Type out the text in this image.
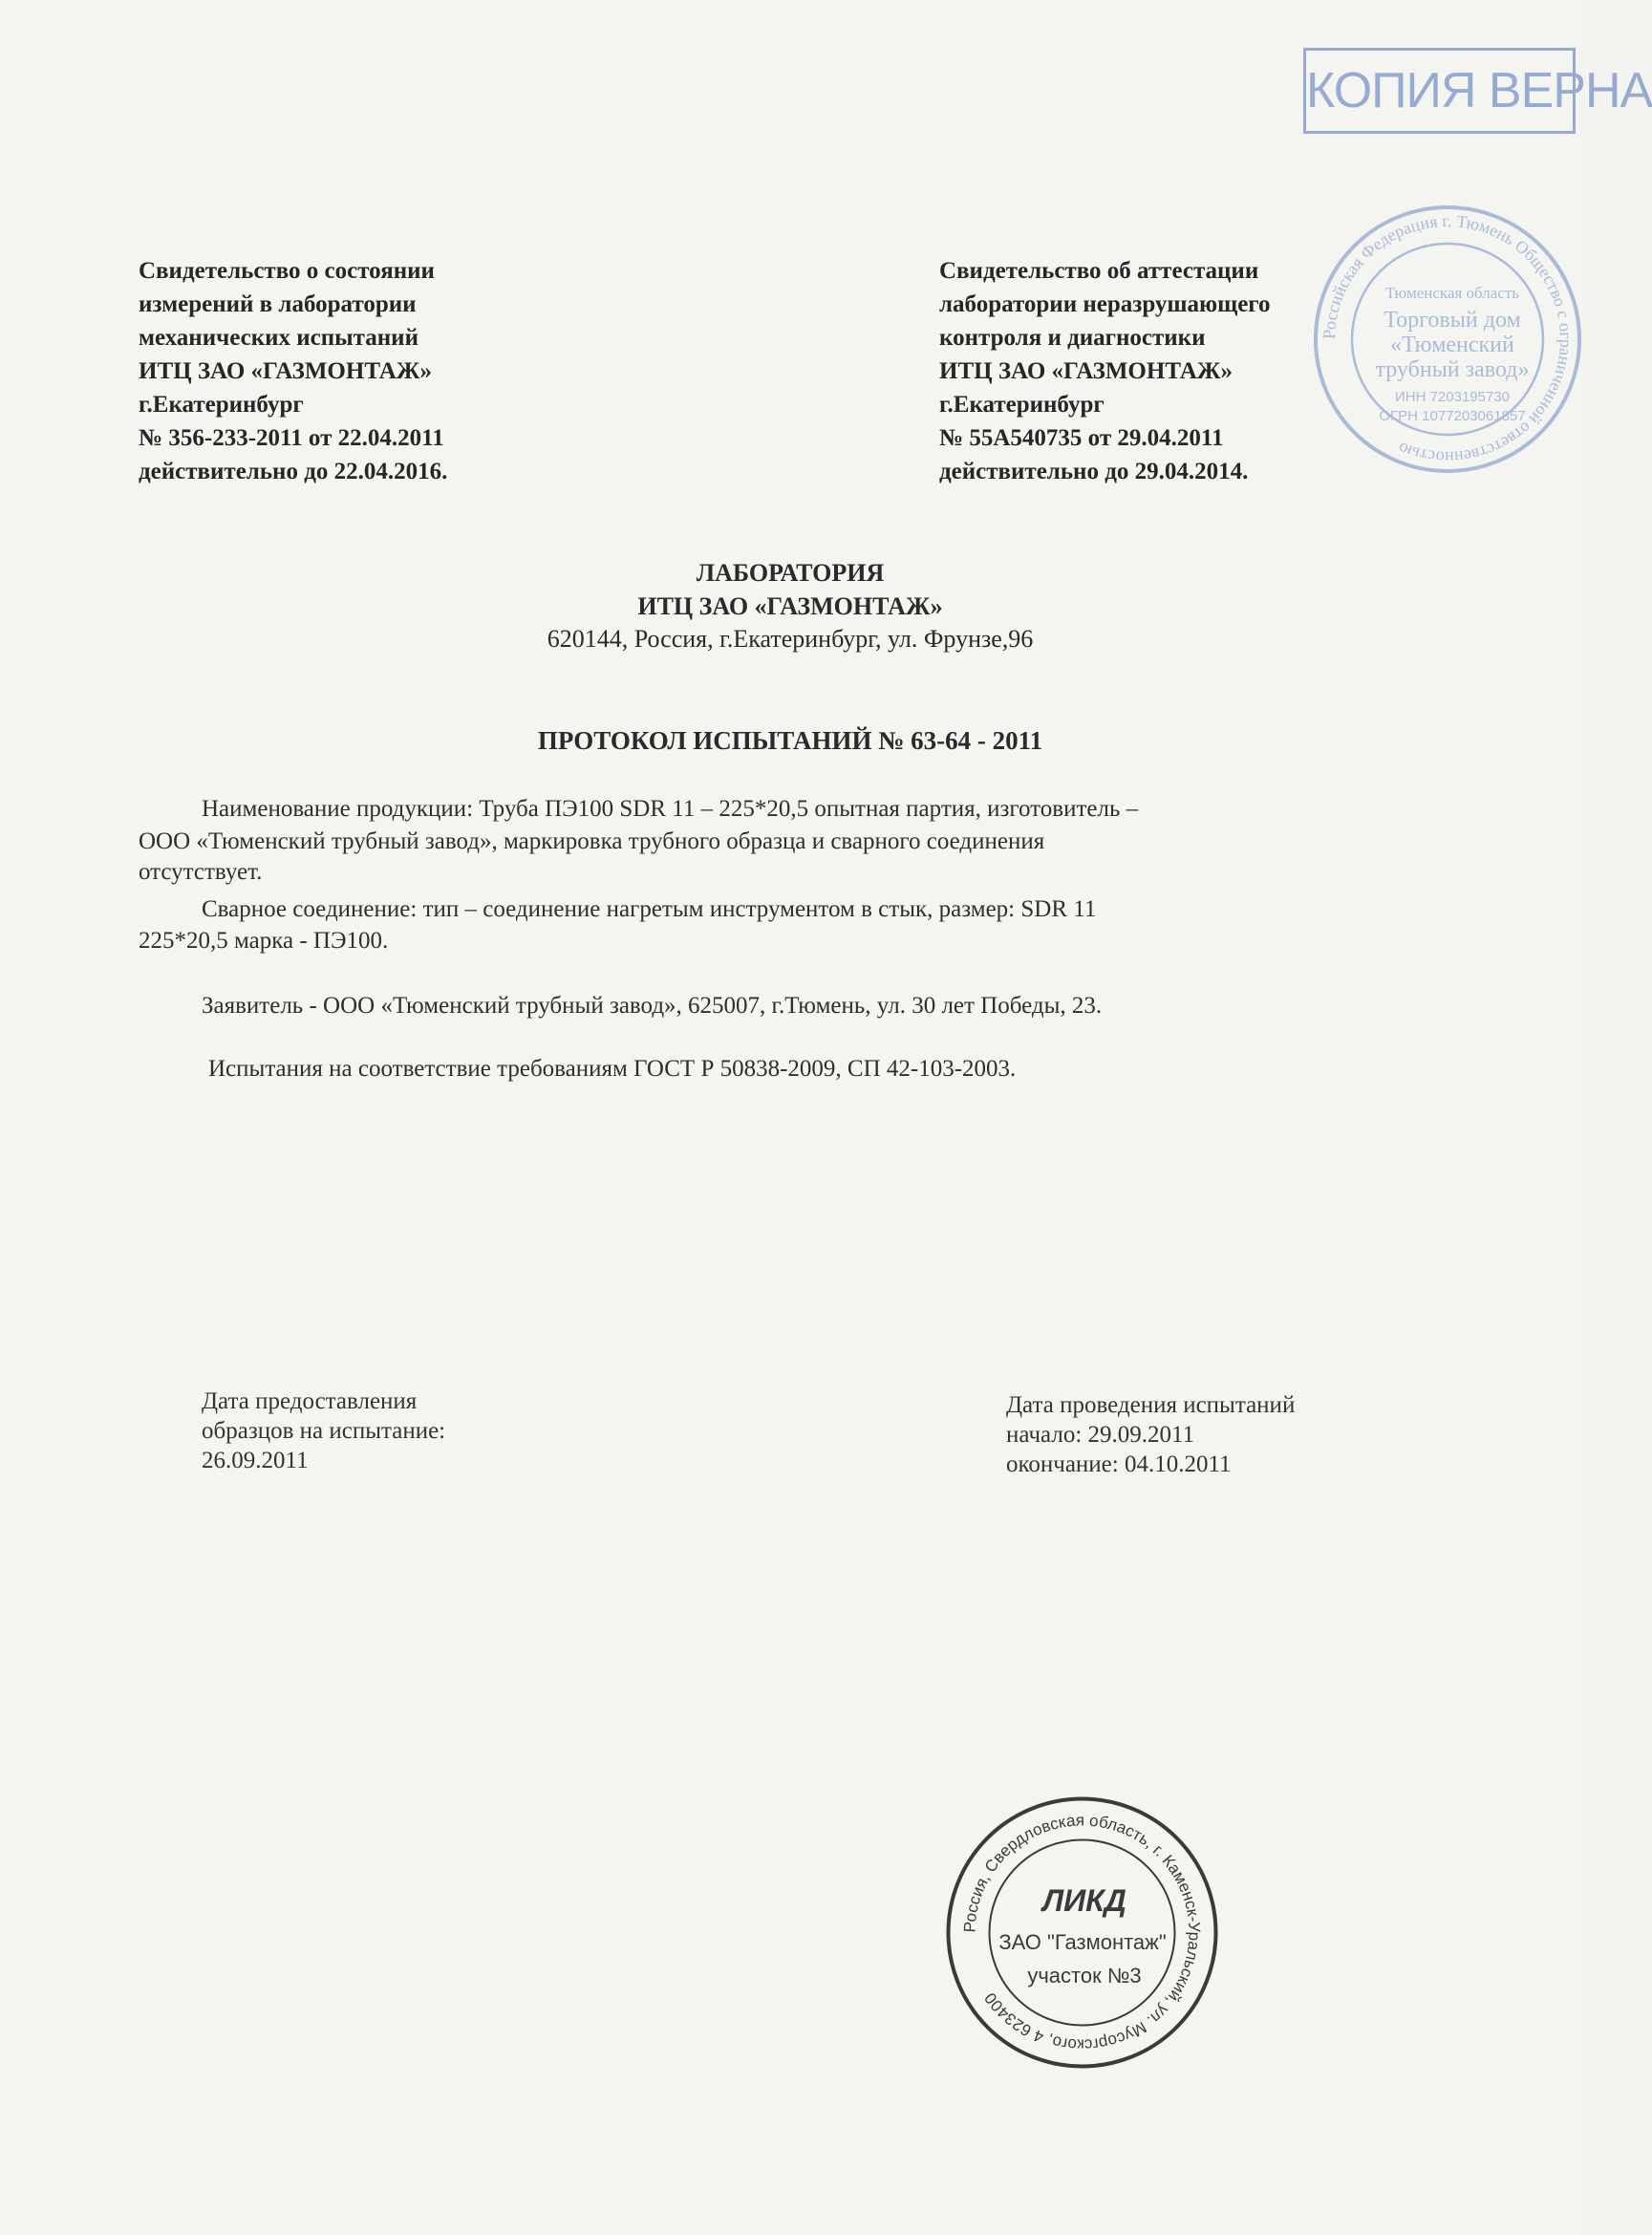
КОПИЯ ВЕРНА
Российская Федерация г. Тюмень Общество с ограниченной ответственностью
Тюменская область
Торговый дом
«Тюменский
трубный завод»
ИНН 7203195730
ОГРН 1077203061857
Свидетельство о состоянии
измерений в лаборатории
механических испытаний
ИТЦ ЗАО «ГАЗМОНТАЖ»
г.Екатеринбург
№ 356-233-2011 от 22.04.2011
действительно до 22.04.2016.
Свидетельство об аттестации
лаборатории неразрушающего
контроля и диагностики
ИТЦ ЗАО «ГАЗМОНТАЖ»
г.Екатеринбург
№ 55А540735 от 29.04.2011
действительно до 29.04.2014.
ЛАБОРАТОРИЯ
ИТЦ ЗАО «ГАЗМОНТАЖ»
620144, Россия, г.Екатеринбург, ул. Фрунзе,96
ПРОТОКОЛ ИСПЫТАНИЙ № 63-64 - 2011
Наименование продукции: Труба ПЭ100 SDR 11 – 225*20,5 опытная партия, изготовитель –
ООО «Тюменский трубный завод», маркировка трубного образца и сварного соединения
отсутствует.
Сварное соединение: тип – соединение нагретым инструментом в стык, размер: SDR 11
225*20,5 марка - ПЭ100.
Заявитель - ООО «Тюменский трубный завод», 625007, г.Тюмень, ул. 30 лет Победы, 23.
Испытания на соответствие требованиям ГОСТ Р 50838-2009, СП 42-103-2003.
Дата предоставления
образцов на испытание:
26.09.2011
Дата проведения испытаний
начало: 29.09.2011
окончание: 04.10.2011
Россия, Свердловская область, г. Каменск-Уральский, ул. Мусоргского, 4 623400
ЛИКД
ЗАО "Газмонтаж"
участок №3
